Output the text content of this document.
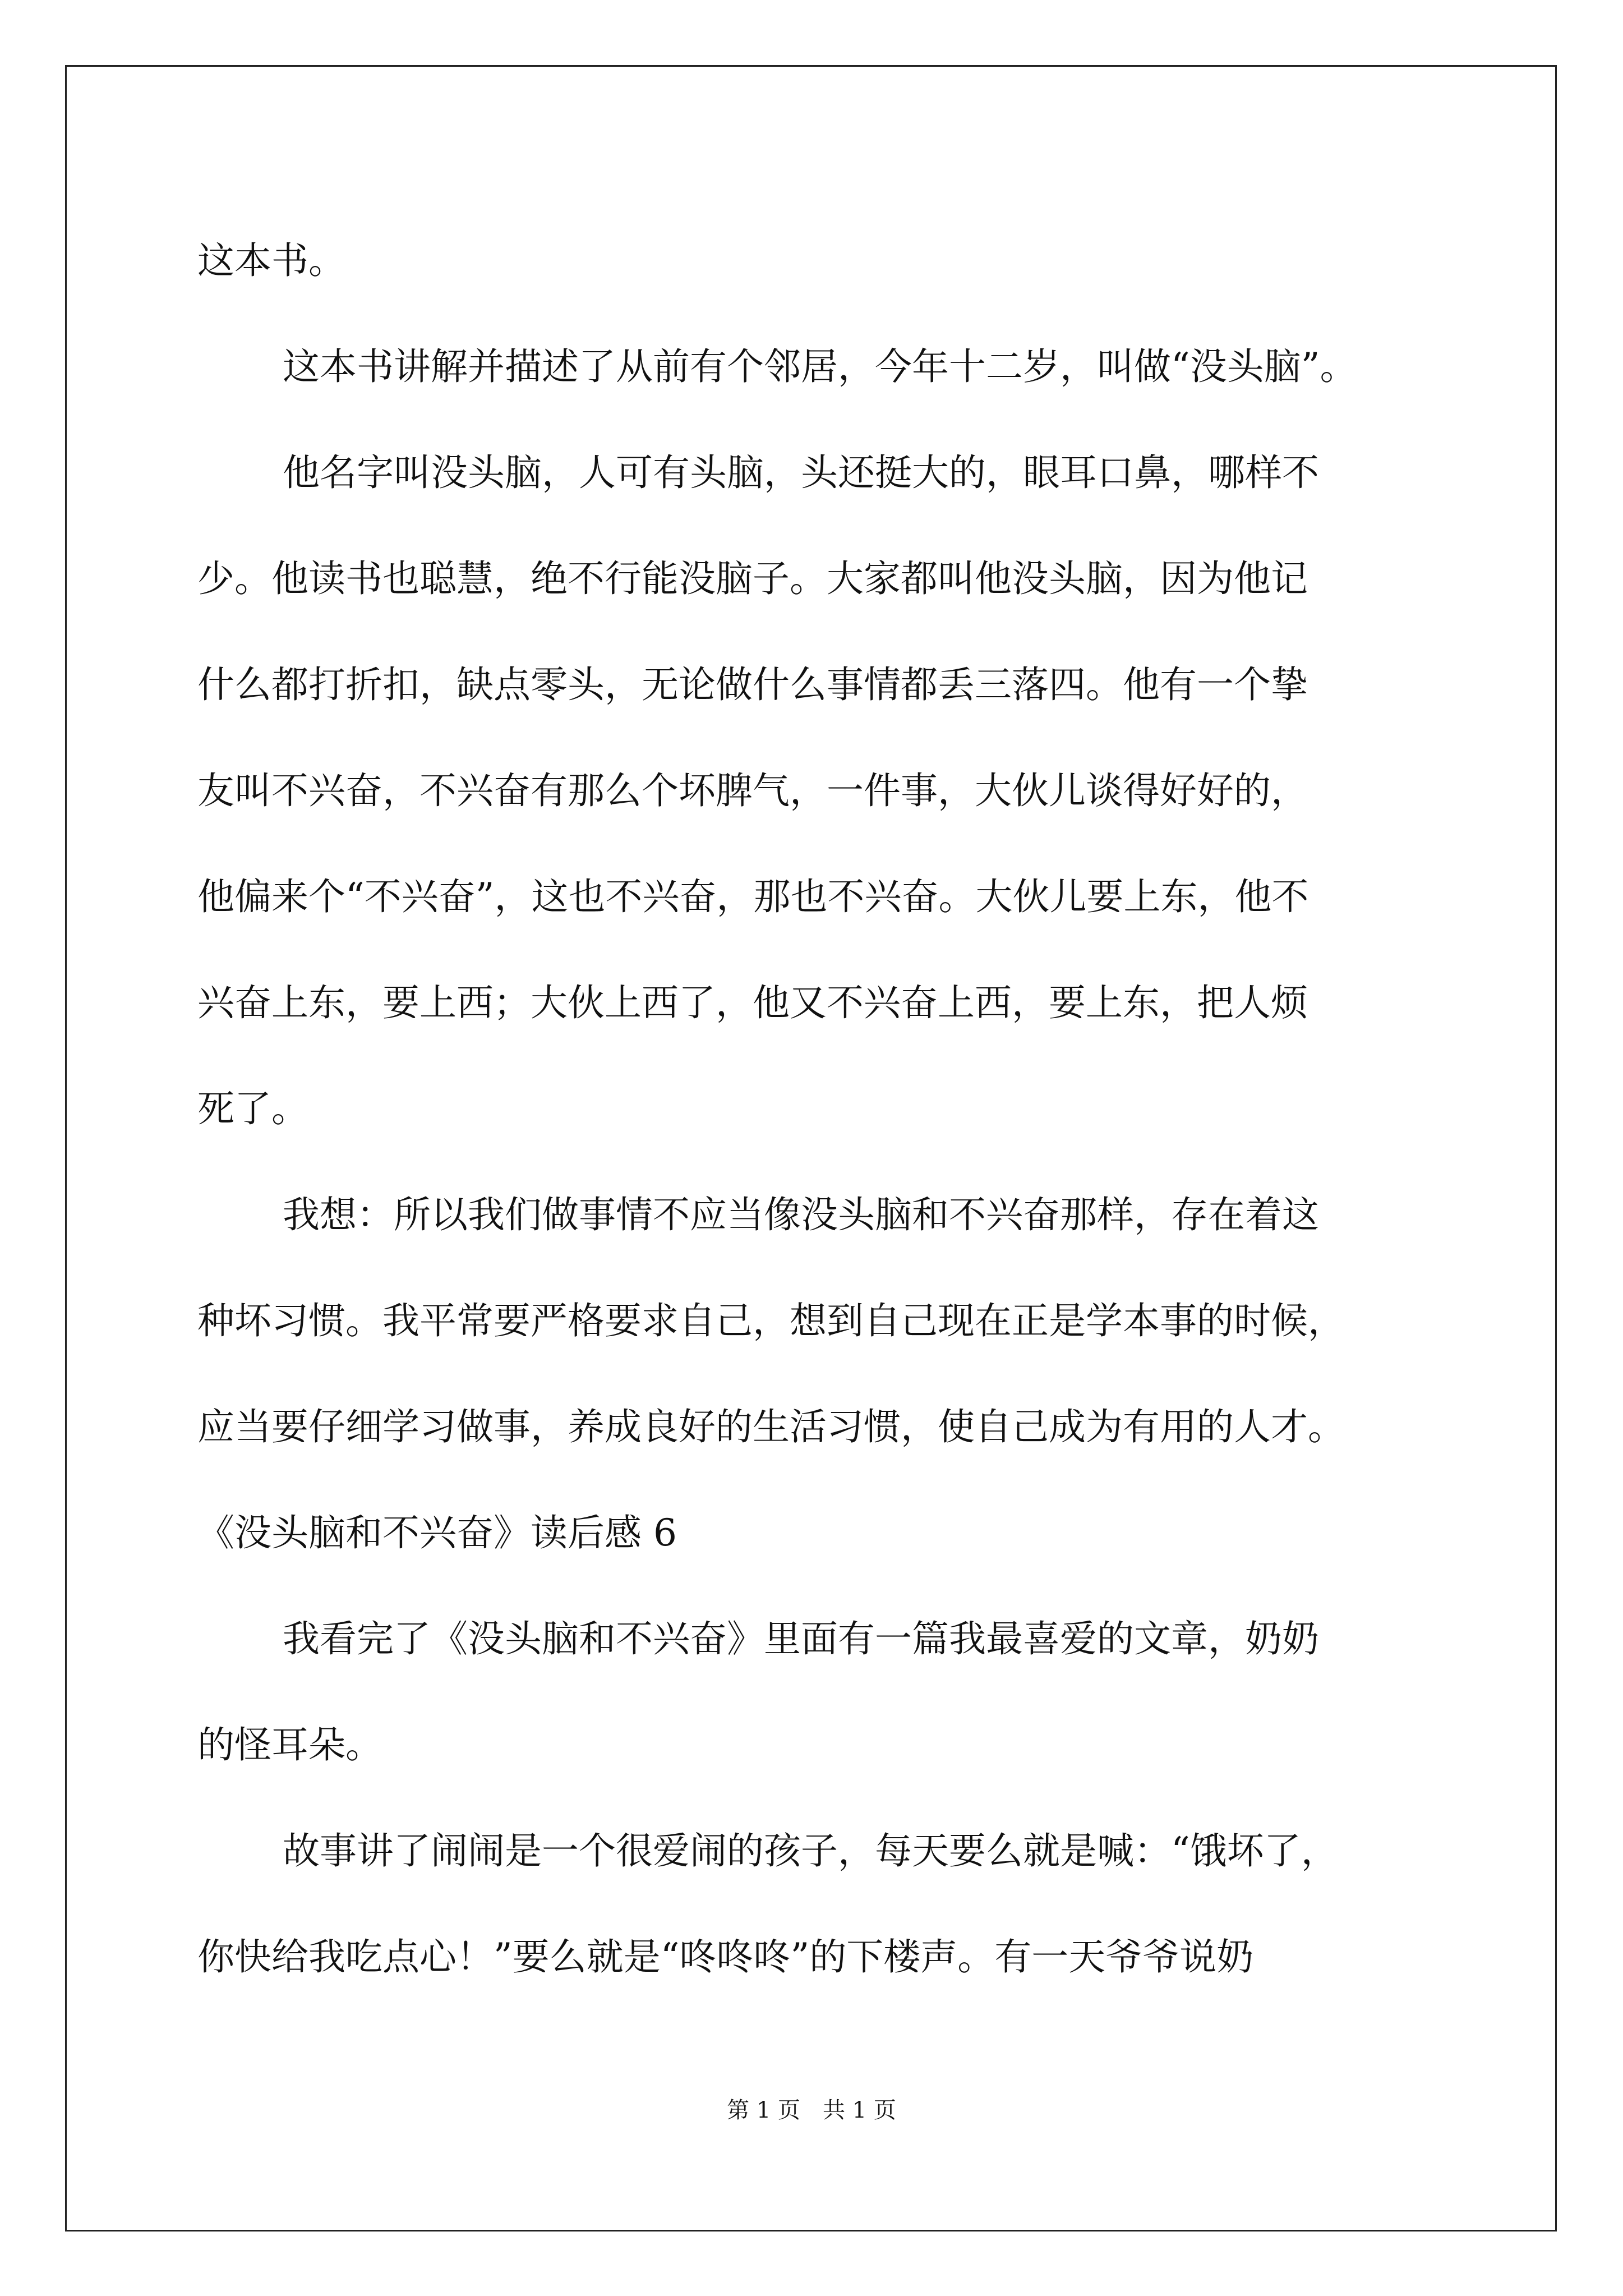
这本书。
这本书讲解并描述了从前有个邻居，今年十二岁，叫做“没头脑”。
他名字叫没头脑，人可有头脑，头还挺大的，眼耳口鼻，哪样不
少。他读书也聪慧，绝不行能没脑子。大家都叫他没头脑，因为他记
什么都打折扣，缺点零头，无论做什么事情都丢三落四。他有一个挚
友叫不兴奋，不兴奋有那么个坏脾气，一件事，大伙儿谈得好好的，
他偏来个“不兴奋”，这也不兴奋，那也不兴奋。大伙儿要上东，他不
兴奋上东，要上西；大伙上西了，他又不兴奋上西，要上东，把人烦
死了。
我想：所以我们做事情不应当像没头脑和不兴奋那样，存在着这
种坏习惯。我平常要严格要求自己，想到自己现在正是学本事的时候，
应当要仔细学习做事，养成良好的生活习惯，使自己成为有用的人才。
《没头脑和不兴奋》读后感 6
我看完了《没头脑和不兴奋》里面有一篇我最喜爱的文章，奶奶
的怪耳朵。
故事讲了闹闹是一个很爱闹的孩子，每天要么就是喊：“饿坏了，
你快给我吃点心！”要么就是“咚咚咚”的下楼声。有一天爷爷说奶
第 1 页　共 1 页
